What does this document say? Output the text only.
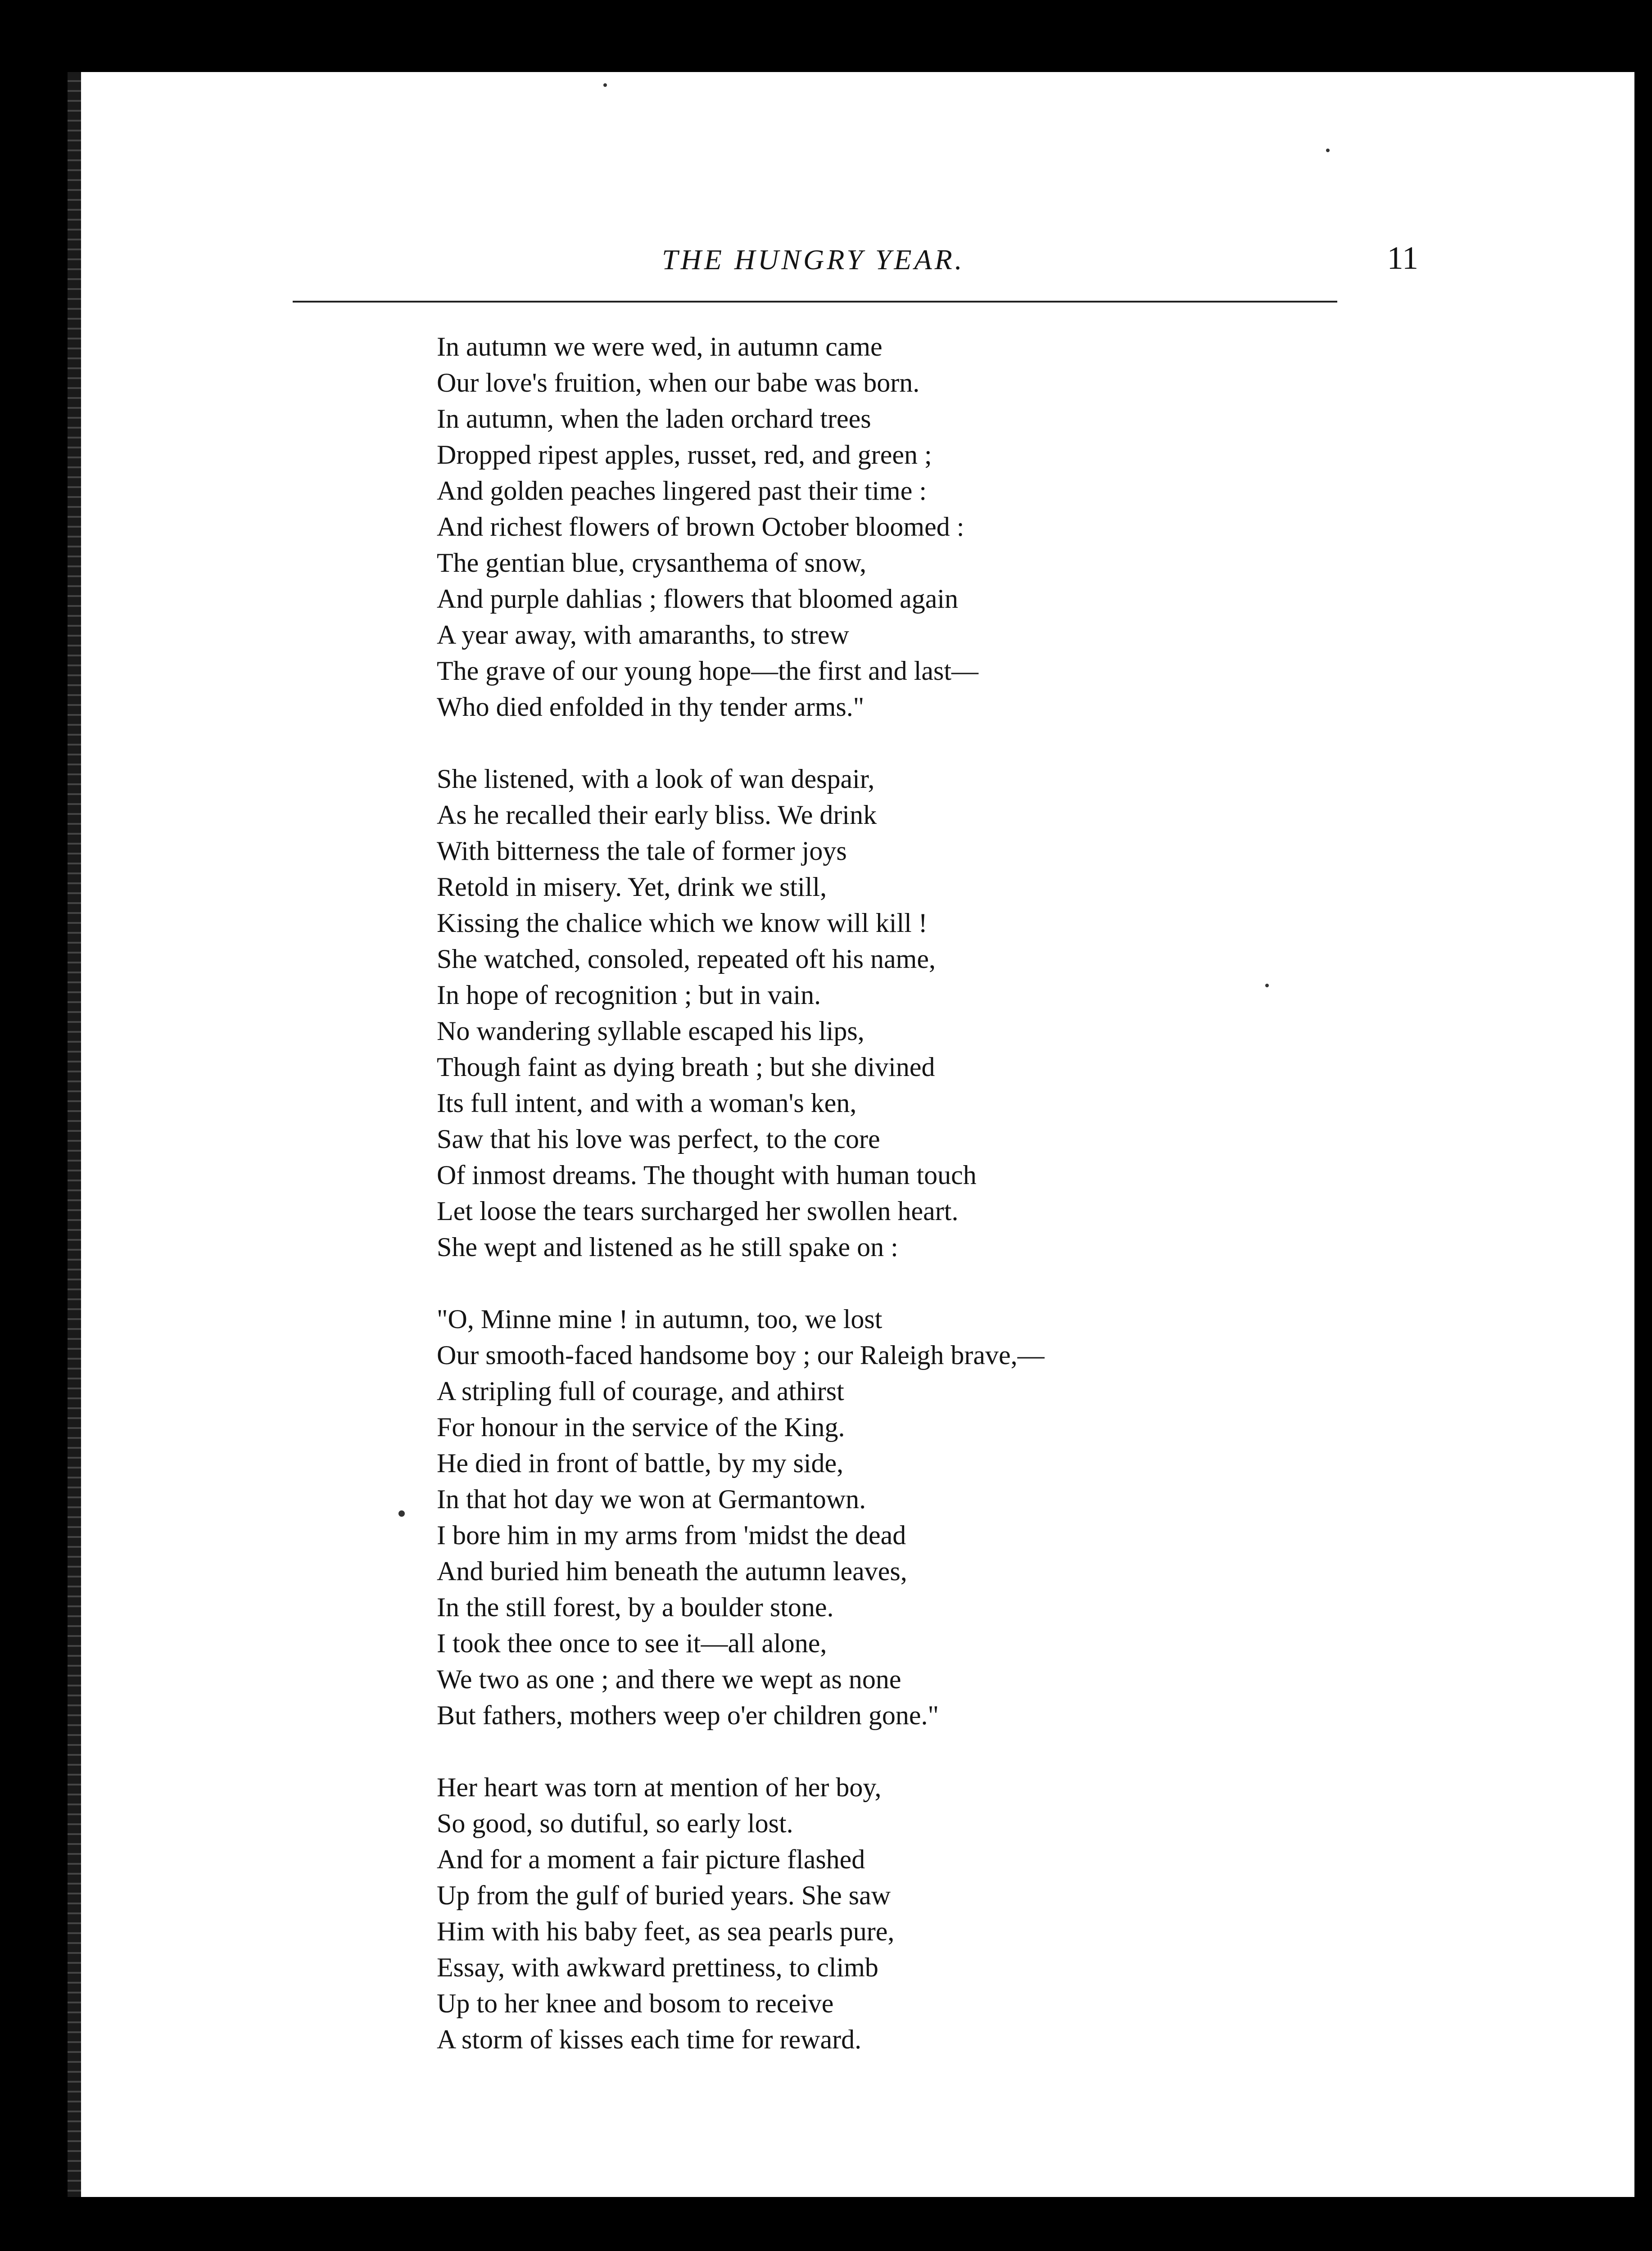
THE HUNGRY YEAR.	11
In autumn we were wed, in autumn came
Our love's fruition, when our babe was born.
In autumn, when the laden orchard trees
Dropped ripest apples, russet, red, and green ;
And golden peaches lingered past their time :
And richest flowers of brown October bloomed :
The gentian blue, crysanthema of snow,
And purple dahlias ; flowers that bloomed again
A year away, with amaranths, to strew
The grave of our young hope—the first and last—
Who died enfolded in thy tender arms."
She listened, with a look of wan despair,
As he recalled their early bliss. We drink
With bitterness the tale of former joys
Retold in misery. Yet, drink we still,
Kissing the chalice which we know will kill !
She watched, consoled, repeated oft his name,
In hope of recognition ; but in vain.
No wandering syllable escaped his lips,
Though faint as dying breath ; but she divined
Its full intent, and with a woman's ken,
Saw that his love was perfect, to the core
Of inmost dreams. The thought with human touch
Let loose the tears surcharged her swollen heart.
She wept and listened as he still spake on :
"O, Minne mine ! in autumn, too, we lost
Our smooth-faced handsome boy ; our Raleigh brave,—
A stripling full of courage, and athirst
For honour in the service of the King.
He died in front of battle, by my side,
In that hot day we won at Germantown.
I bore him in my arms from 'midst the dead
And buried him beneath the autumn leaves,
In the still forest, by a boulder stone.
I took thee once to see it—all alone,
We two as one ; and there we wept as none
But fathers, mothers weep o'er children gone."
Her heart was torn at mention of her boy,
So good, so dutiful, so early lost.
And for a moment a fair picture flashed
Up from the gulf of buried years. She saw
Him with his baby feet, as sea pearls pure,
Essay, with awkward prettiness, to climb
Up to her knee and bosom to receive
A storm of kisses each time for reward.
